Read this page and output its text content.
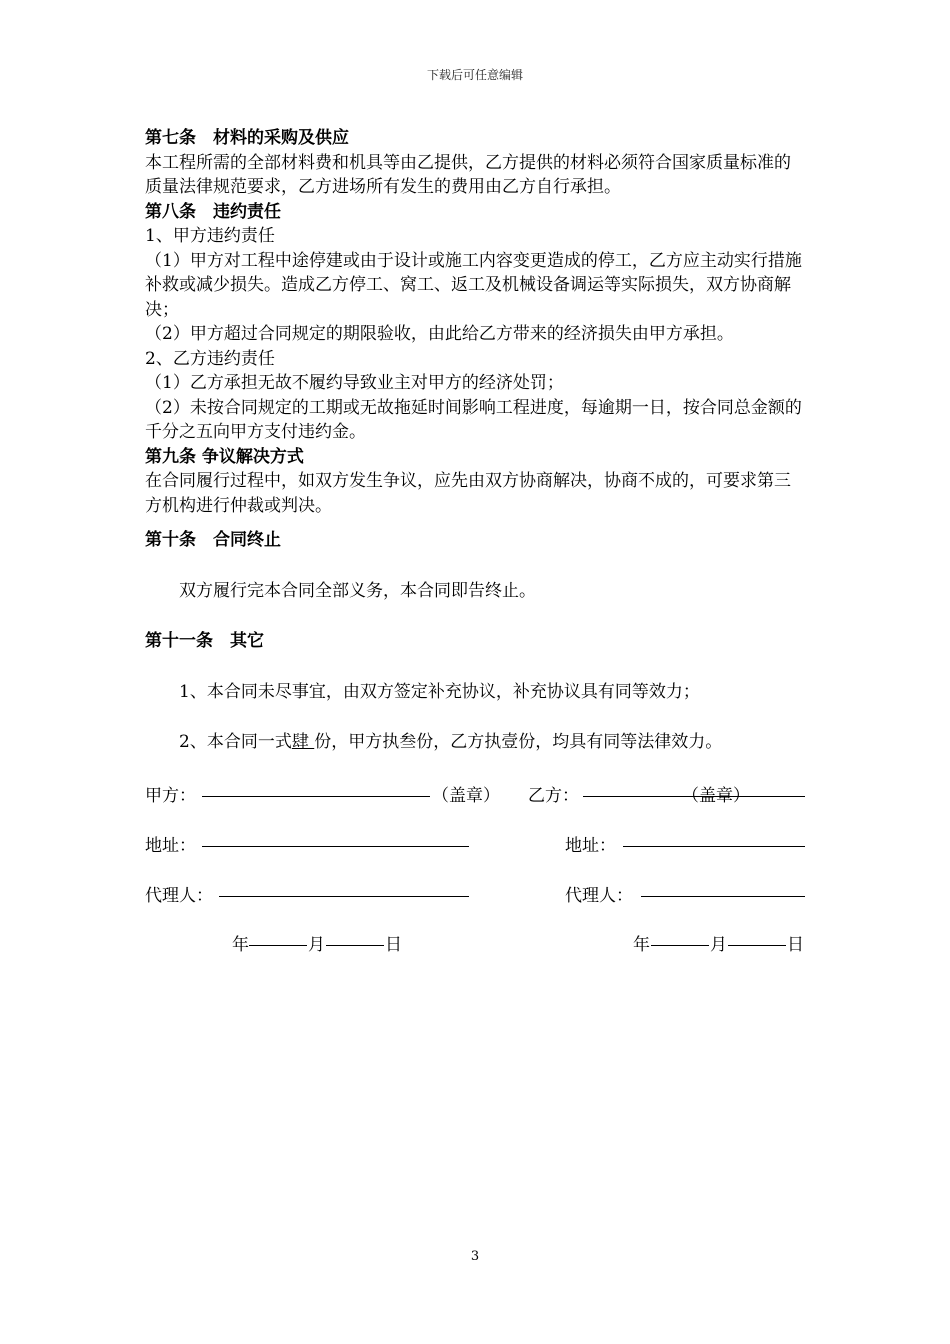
下载后可任意编辑

第七条　材料的采购及供应

本工程所需的全部材料费和机具等由乙提供，乙方提供的材料必须符合国家质量标准的质量法律规范要求，乙方进场所有发生的费用由乙方自行承担。

第八条　违约责任

1、甲方违约责任

（1）甲方对工程中途停建或由于设计或施工内容变更造成的停工，乙方应主动实行措施补救或减少损失。造成乙方停工、窝工、返工及机械设备调运等实际损失，双方协商解决；

（2）甲方超过合同规定的期限验收，由此给乙方带来的经济损失由甲方承担。

2、乙方违约责任

（1）乙方承担无故不履约导致业主对甲方的经济处罚；

（2）未按合同规定的工期或无故拖延时间影响工程进度，每逾期一日，按合同总金额的千分之五向甲方支付违约金。

第九条 争议解决方式

在合同履行过程中，如双方发生争议，应先由双方协商解决，协商不成的，可要求第三方机构进行仲裁或判决。

第十条　合同终止

双方履行完本合同全部义务，本合同即告终止。

第十一条　其它

1、本合同未尽事宜，由双方签定补充协议，补充协议具有同等效力；

2、本合同一式肆 份，甲方执叁份，乙方执壹份，均具有同等法律效力。

甲方：	（盖章） 乙方：	（盖章）
地址：	地址：
代理人：	代理人：
年	月	日	年	月	日
3
